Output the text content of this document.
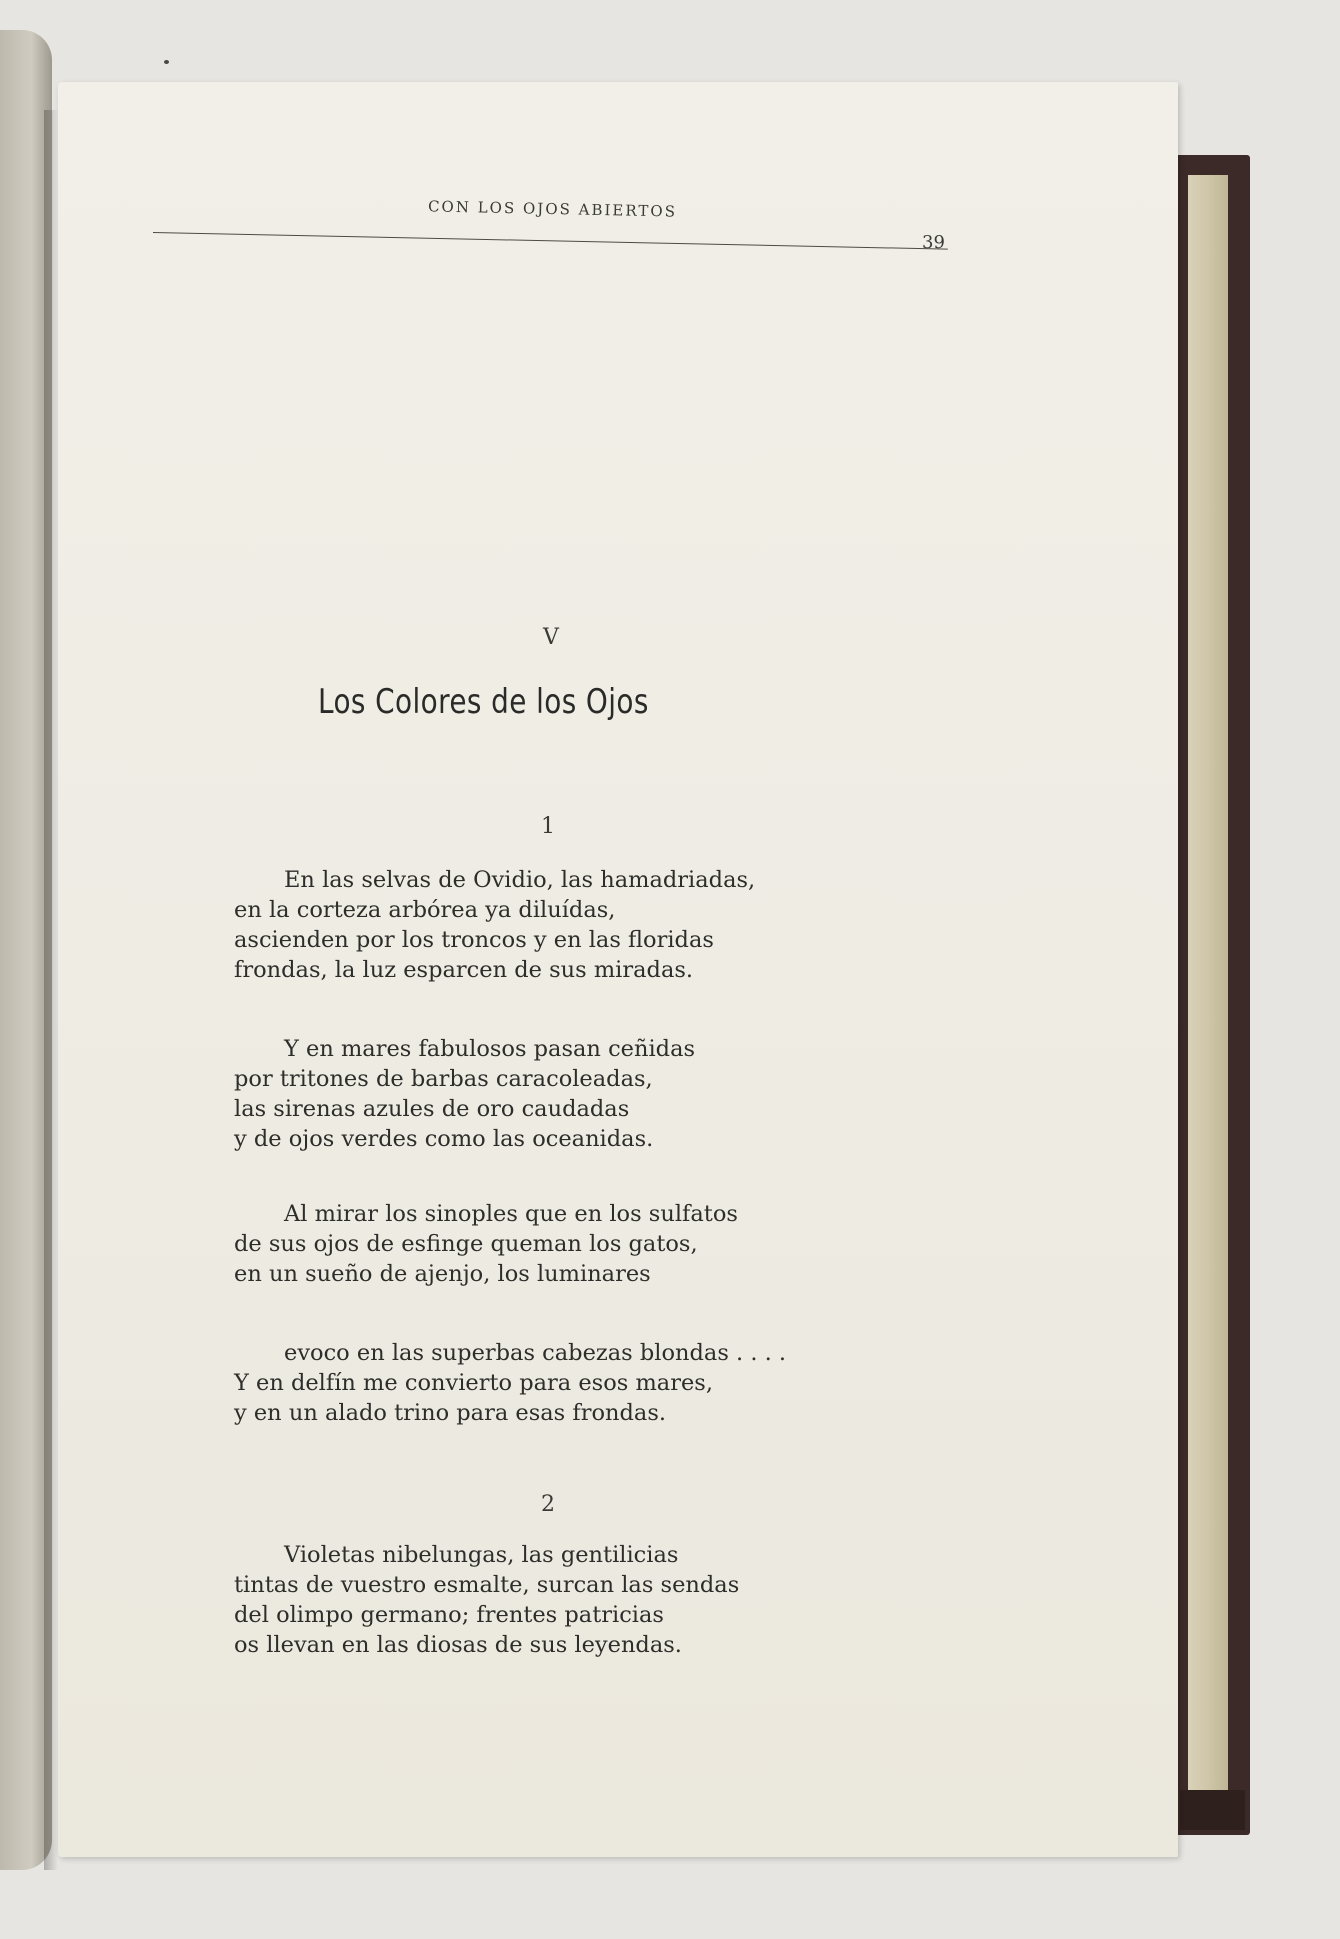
CON LOS OJOS ABIERTOS
39
V
Los Colores de los Ojos
1
En las selvas de Ovidio, las hamadriadas,
en la corteza arbórea ya diluídas,
ascienden por los troncos y en las floridas
frondas, la luz esparcen de sus miradas.
Y en mares fabulosos pasan ceñidas
por tritones de barbas caracoleadas,
las sirenas azules de oro caudadas
y de ojos verdes como las oceanidas.
Al mirar los sinoples que en los sulfatos
de sus ojos de esfinge queman los gatos,
en un sueño de ajenjo, los luminares
evoco en las superbas cabezas blondas . . . .
Y en delfín me convierto para esos mares,
y en un alado trino para esas frondas.
2
Violetas nibelungas, las gentilicias
tintas de vuestro esmalte, surcan las sendas
del olimpo germano; frentes patricias
os llevan en las diosas de sus leyendas.
